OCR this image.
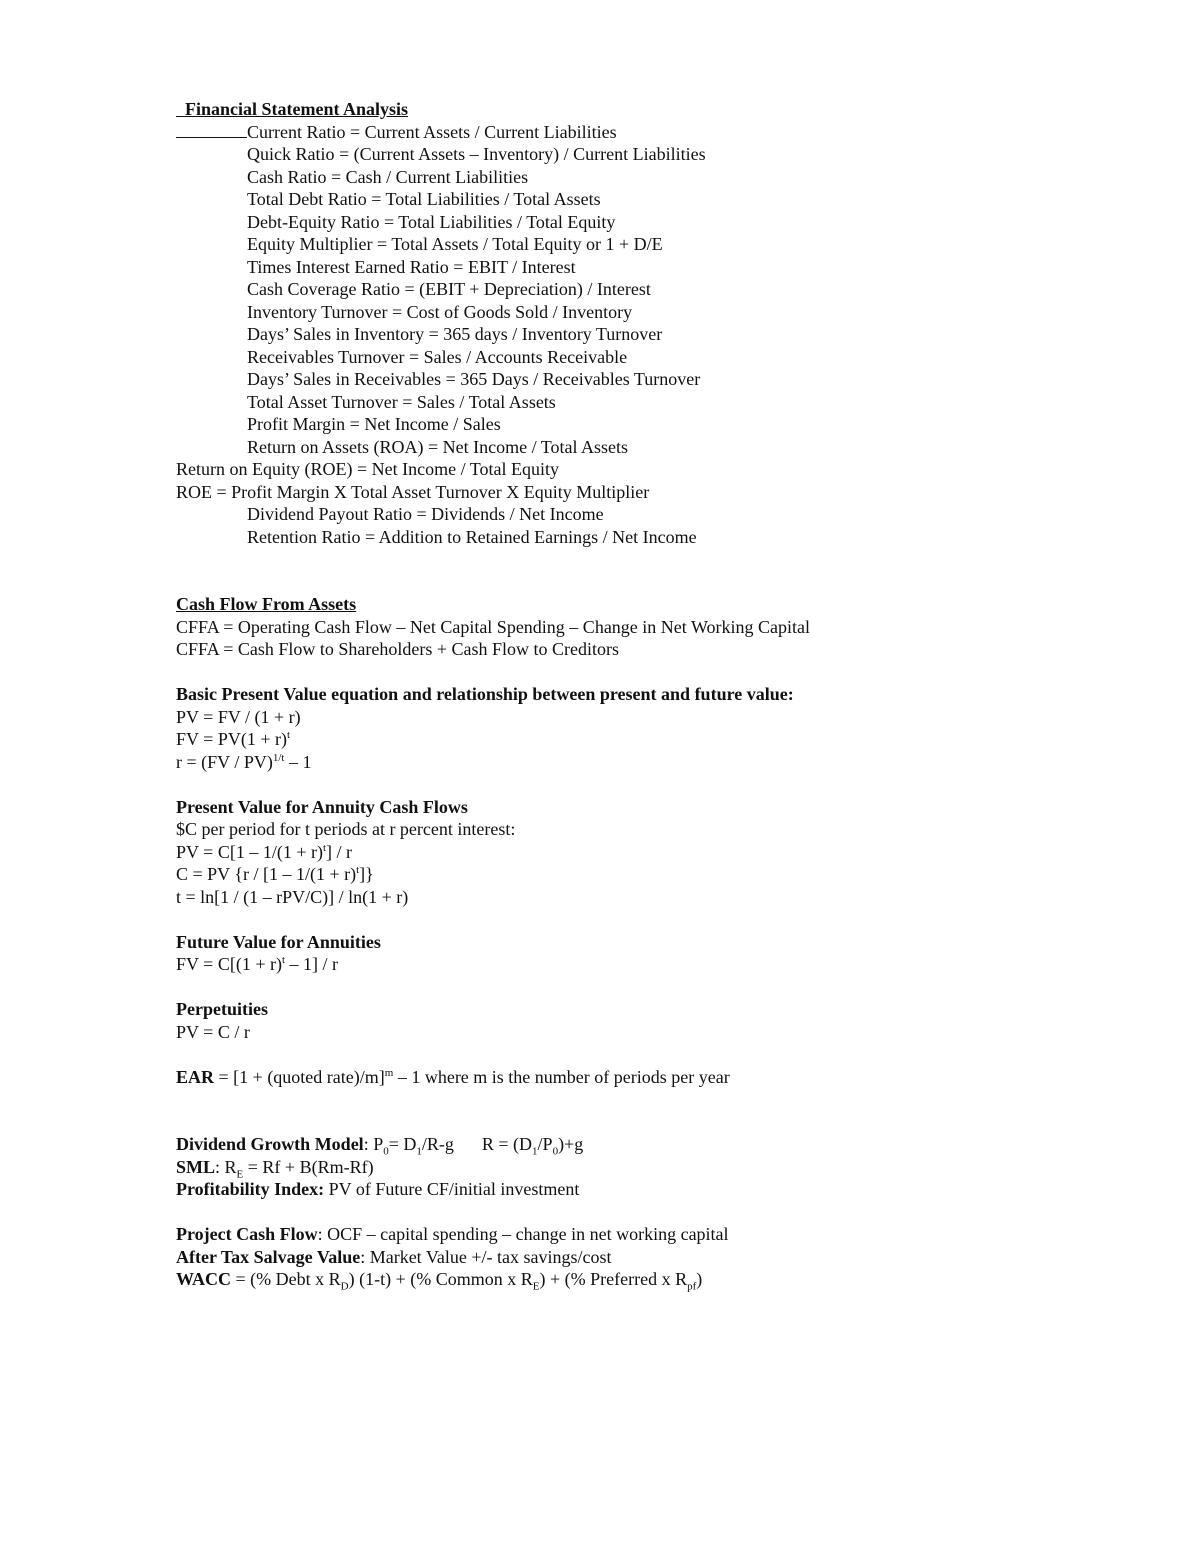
Financial Statement Analysis
Current Ratio = Current Assets / Current Liabilities
Quick Ratio = (Current Assets – Inventory) / Current Liabilities
Cash Ratio = Cash / Current Liabilities
Total Debt Ratio = Total Liabilities / Total Assets
Debt-Equity Ratio = Total Liabilities / Total Equity
Equity Multiplier = Total Assets / Total Equity or 1 + D/E
Times Interest Earned Ratio = EBIT / Interest
Cash Coverage Ratio = (EBIT + Depreciation) / Interest
Inventory Turnover = Cost of Goods Sold / Inventory
Days’ Sales in Inventory = 365 days / Inventory Turnover
Receivables Turnover = Sales / Accounts Receivable
Days’ Sales in Receivables = 365 Days / Receivables Turnover
Total Asset Turnover = Sales / Total Assets
Profit Margin = Net Income / Sales
Return on Assets (ROA) = Net Income / Total Assets
Return on Equity (ROE) = Net Income / Total Equity
ROE = Profit Margin X Total Asset Turnover X Equity Multiplier
Dividend Payout Ratio = Dividends / Net Income
Retention Ratio = Addition to Retained Earnings / Net Income
Cash Flow From Assets
CFFA = Operating Cash Flow – Net Capital Spending – Change in Net Working Capital
CFFA = Cash Flow to Shareholders + Cash Flow to Creditors
Basic Present Value equation and relationship between present and future value:
PV = FV / (1 + r)
FV = $PV(1 + r)^t$
r = (FV / PV)$^{1/t}$ – 1
Present Value for Annuity Cash Flows
$C per period for t periods at r percent interest:
PV = $C[1 - 1/(1 + r)^t] / r$
C = PV $\{r / [1 - 1/(1 + r)^t]\}$
t = ln[1 / (1 – rPV/C)] / ln(1 + r)
Future Value for Annuities
FV = $C[(1 + r)^t - 1] / r$
Perpetuities
PV = C / r
EAR = [1 + (quoted rate)/m]$^m$ – 1 where m is the number of periods per year
Dividend Growth Model: $P_0= D_1/R-g$ $R = (D_1/P_0)+g$
SML: $R_E = Rf + B(Rm-Rf)$
Profitability Index: PV of Future CF/initial investment
Project Cash Flow: OCF – capital spending – change in net working capital
After Tax Salvage Value: Market Value +/- tax savings/cost
WACC = (% Debt x $R_D$) (1-t) + (% Common x $R_E$) + (% Preferred x $R_{pf}$)
